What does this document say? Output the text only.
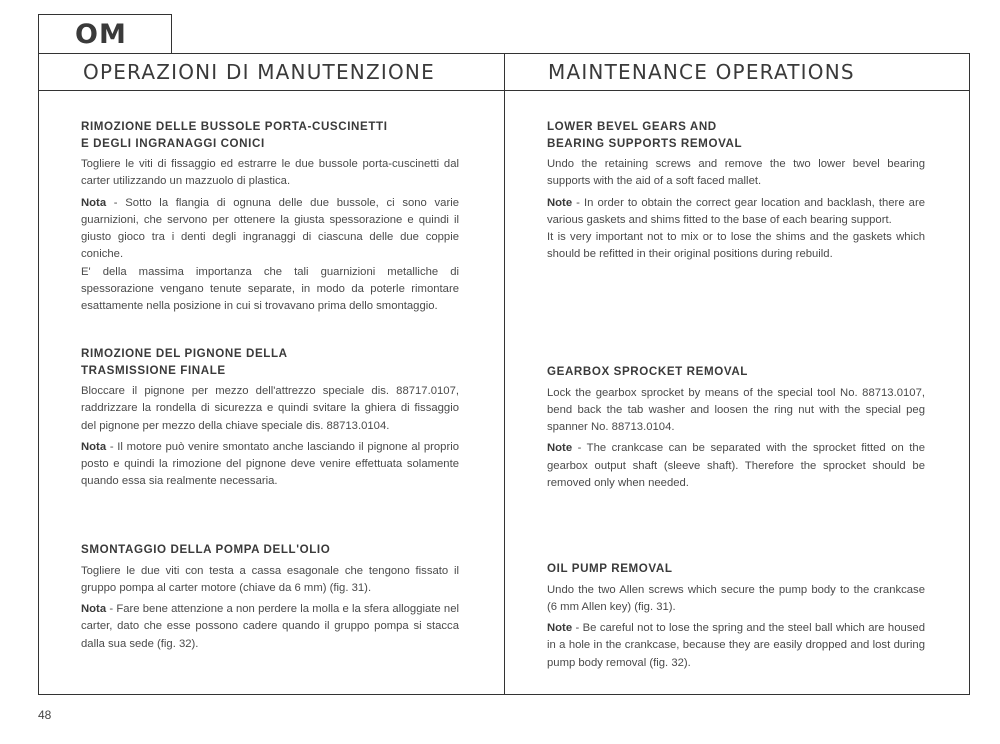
OM
OPERAZIONI DI MANUTENZIONE	MAINTENANCE OPERATIONS
RIMOZIONE DELLE BUSSOLE PORTA-CUSCINETTI
E DEGLI INGRANAGGI CONICI

Togliere le viti di fissaggio ed estrarre le due bussole porta-cuscinetti dal carter utilizzando un mazzuolo di plastica.

Nota - Sotto la flangia di ognuna delle due bussole, ci sono varie guarnizioni, che servono per ottenere la giusta spessorazione e quindi il giusto gioco tra i denti degli ingranaggi di ciascuna delle due coppie coniche.

E' della massima importanza che tali guarnizioni metalliche di spessorazione vengano tenute separate, in modo da poterle rimontare esattamente nella posizione in cui si trovavano prima dello smontaggio.

RIMOZIONE DEL PIGNONE DELLA
TRASMISSIONE FINALE

Bloccare il pignone per mezzo dell'attrezzo speciale dis. 88717.0107, raddrizzare la rondella di sicurezza e quindi svitare la ghiera di fissaggio del pignone per mezzo della chiave speciale dis. 88713.0104.

Nota - Il motore può venire smontato anche lasciando il pignone al proprio posto e quindi la rimozione del pignone deve venire effettuata solamente quando essa sia realmente necessaria.

SMONTAGGIO DELLA POMPA DELL'OLIO

Togliere le due viti con testa a cassa esagonale che tengono fissato il gruppo pompa al carter motore (chiave da 6 mm) (fig. 31).

Nota - Fare bene attenzione a non perdere la molla e la sfera alloggiate nel carter, dato che esse possono cadere quando il gruppo pompa si stacca dalla sua sede (fig. 32).

LOWER BEVEL GEARS AND
BEARING SUPPORTS REMOVAL

Undo the retaining screws and remove the two lower bevel bearing supports with the aid of a soft faced mallet.

Note - In order to obtain the correct gear location and backlash, there are various gaskets and shims fitted to the base of each bearing support.

It is very important not to mix or to lose the shims and the gaskets which should be refitted in their original positions during rebuild.

GEARBOX SPROCKET REMOVAL

Lock the gearbox sprocket by means of the special tool No. 88713.0107, bend back the tab washer and loosen the ring nut with the special peg spanner No. 88713.0104.

Note - The crankcase can be separated with the sprocket fitted on the gearbox output shaft (sleeve shaft). Therefore the sprocket should be removed only when needed.

OIL PUMP REMOVAL

Undo the two Allen screws which secure the pump body to the crankcase (6 mm Allen key) (fig. 31).

Note - Be careful not to lose the spring and the steel ball which are housed in a hole in the crankcase, because they are easily dropped and lost during pump body removal (fig. 32).

48
